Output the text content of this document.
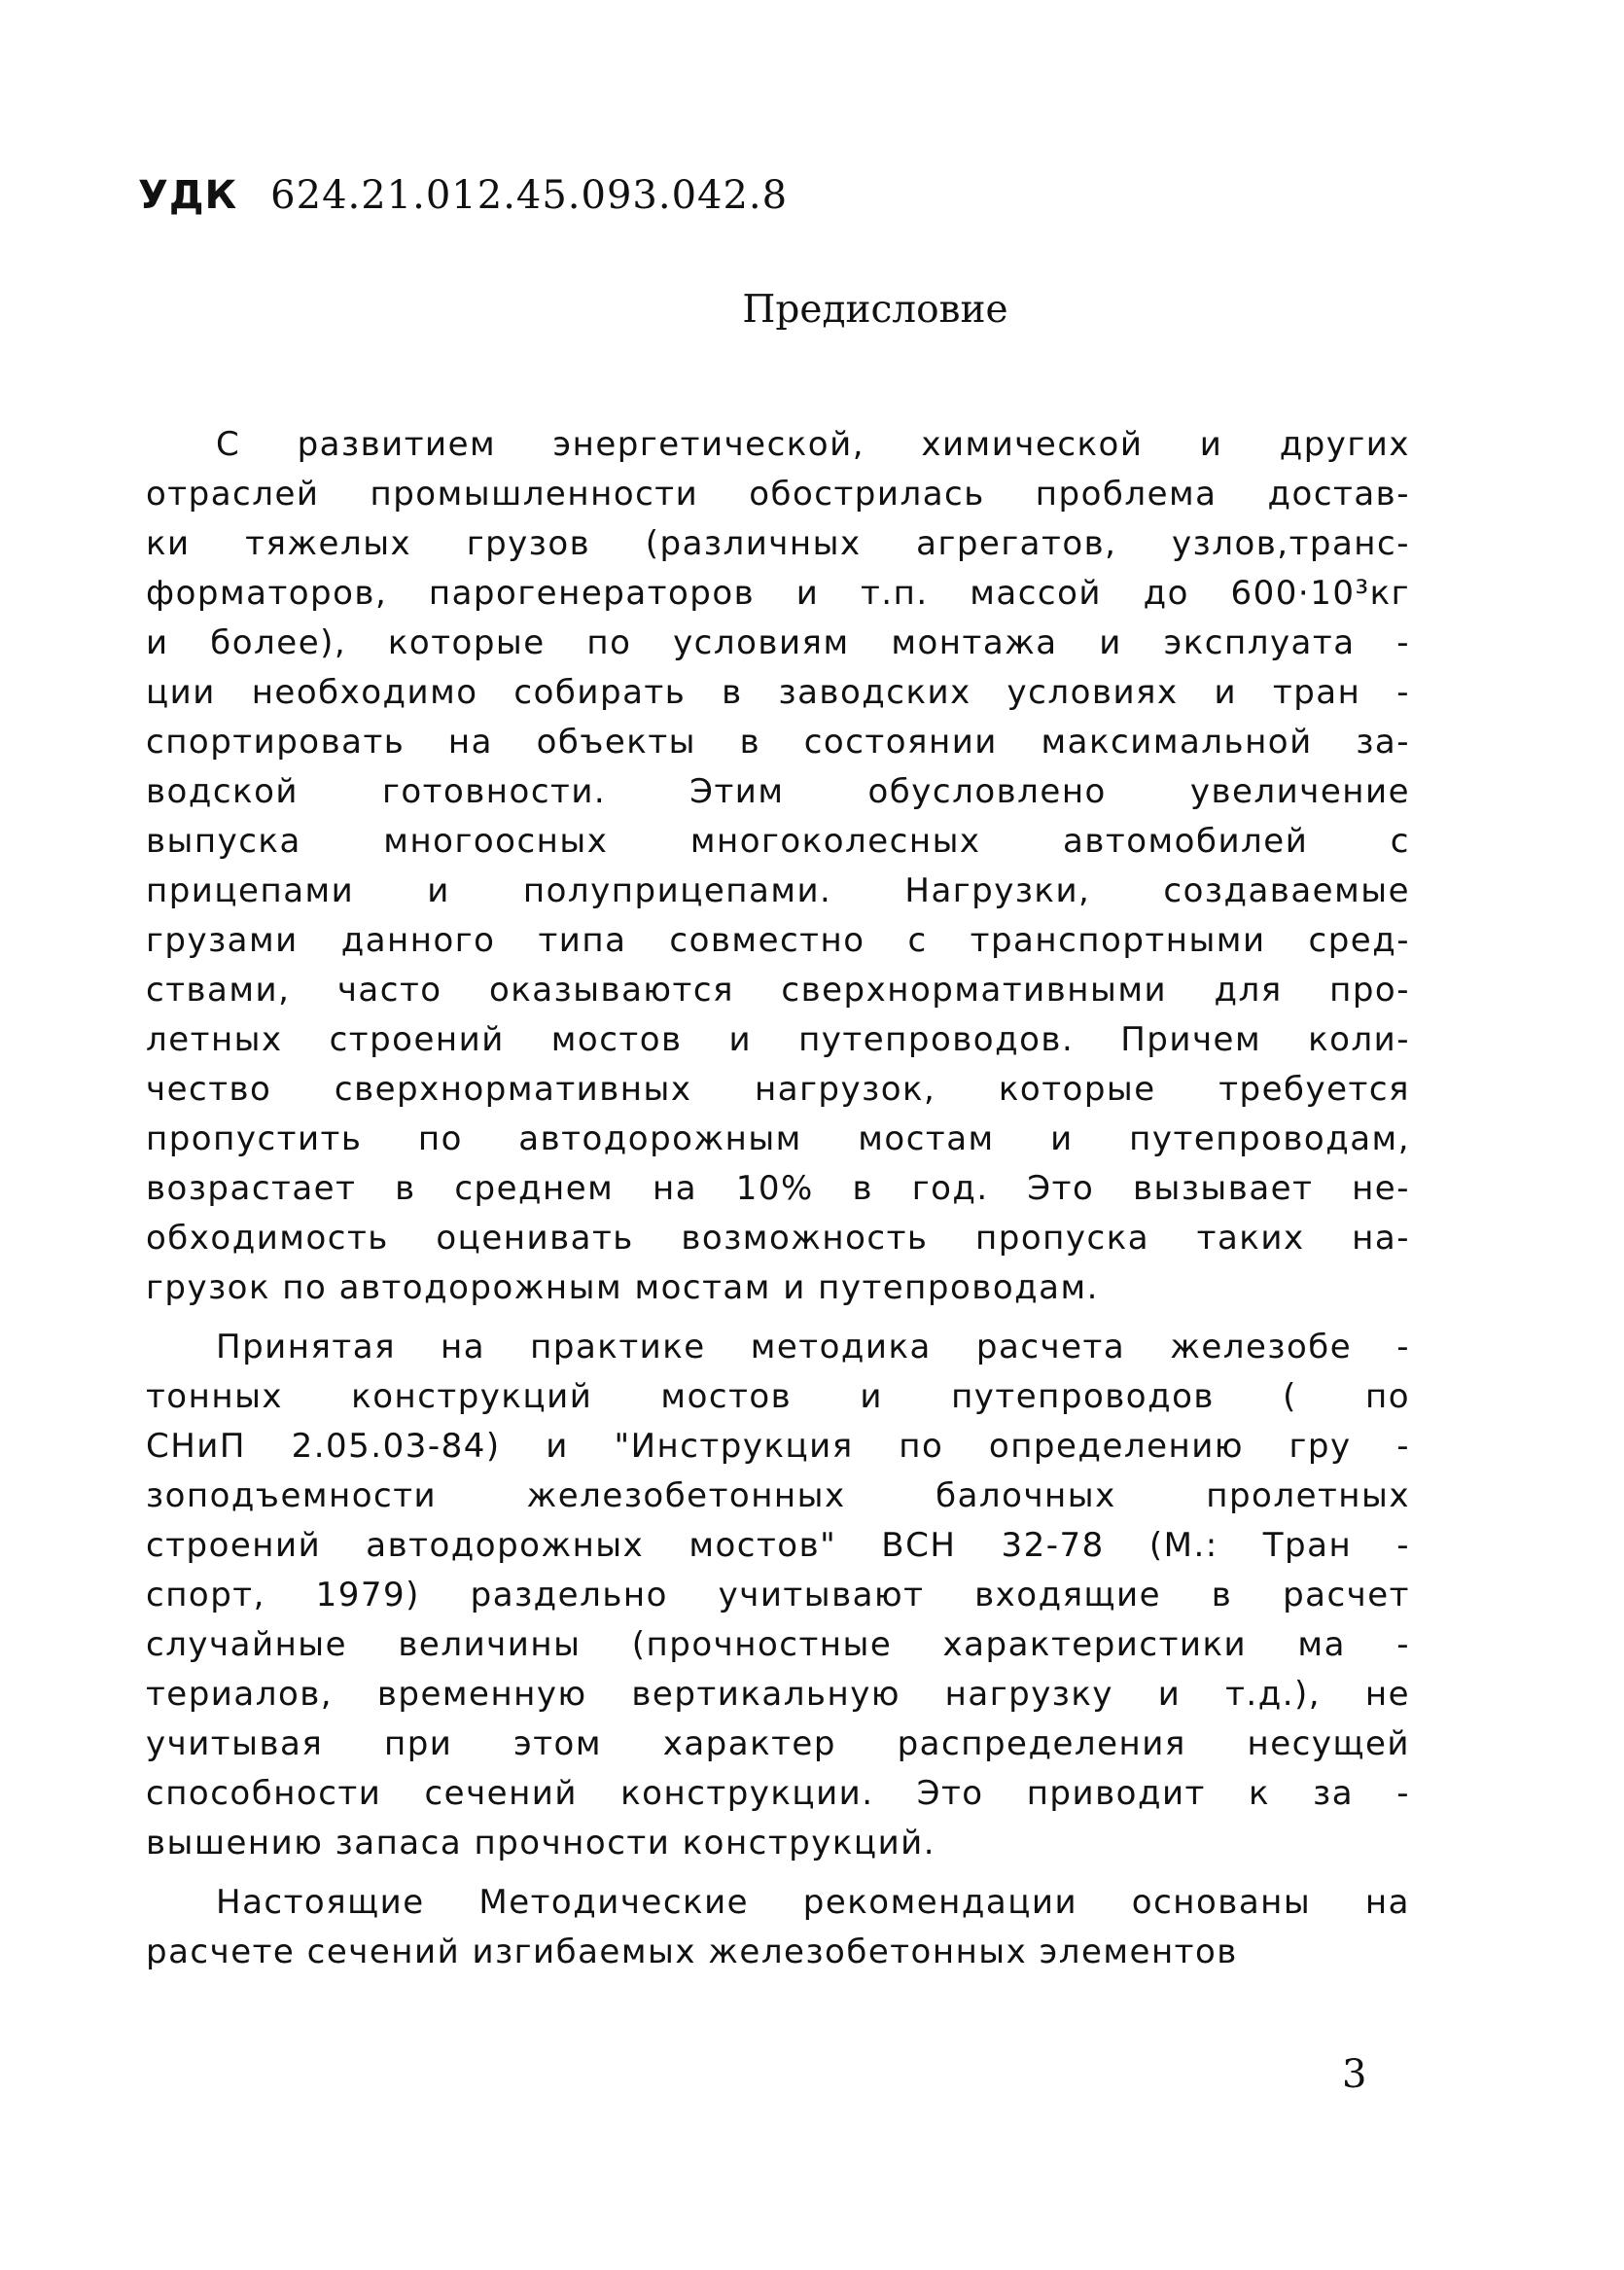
УДК 624.21.012.45.093.042.8
Предисловие
С развитием энергетической, химической и других
отраслей промышленности обострилась проблема достав-
ки тяжелых грузов (различных агрегатов, узлов,транс-
форматоров, парогенераторов и т.п. массой до 600·10³кг
и более), которые по условиям монтажа и эксплуата -
ции необходимо собирать в заводских условиях и тран -
спортировать на объекты в состоянии максимальной за-
водской готовности. Этим обусловлено увеличение
выпуска многоосных многоколесных автомобилей с
прицепами и полуприцепами. Нагрузки, создаваемые
грузами данного типа совместно с транспортными сред-
ствами, часто оказываются сверхнормативными для про-
летных строений мостов и путепроводов. Причем коли-
чество сверхнормативных нагрузок, которые требуется
пропустить по автодорожным мостам и путепроводам,
возрастает в среднем на 10% в год. Это вызывает не-
обходимость оценивать возможность пропуска таких на-
грузок по автодорожным мостам и путепроводам.
Принятая на практике методика расчета железобе -
тонных конструкций мостов и путепроводов ( по
СНиП 2.05.03-84) и "Инструкция по определению гру -
зоподъемности железобетонных балочных пролетных
строений автодорожных мостов" ВСН 32-78 (М.: Тран -
спорт, 1979) раздельно учитывают входящие в расчет
случайные величины (прочностные характеристики ма -
териалов, временную вертикальную нагрузку и т.д.), не
учитывая при этом характер распределения несущей
способности сечений конструкции. Это приводит к за -
вышению запаса прочности конструкций.
Настоящие Методические рекомендации основаны на
расчете сечений изгибаемых железобетонных элементов
3
